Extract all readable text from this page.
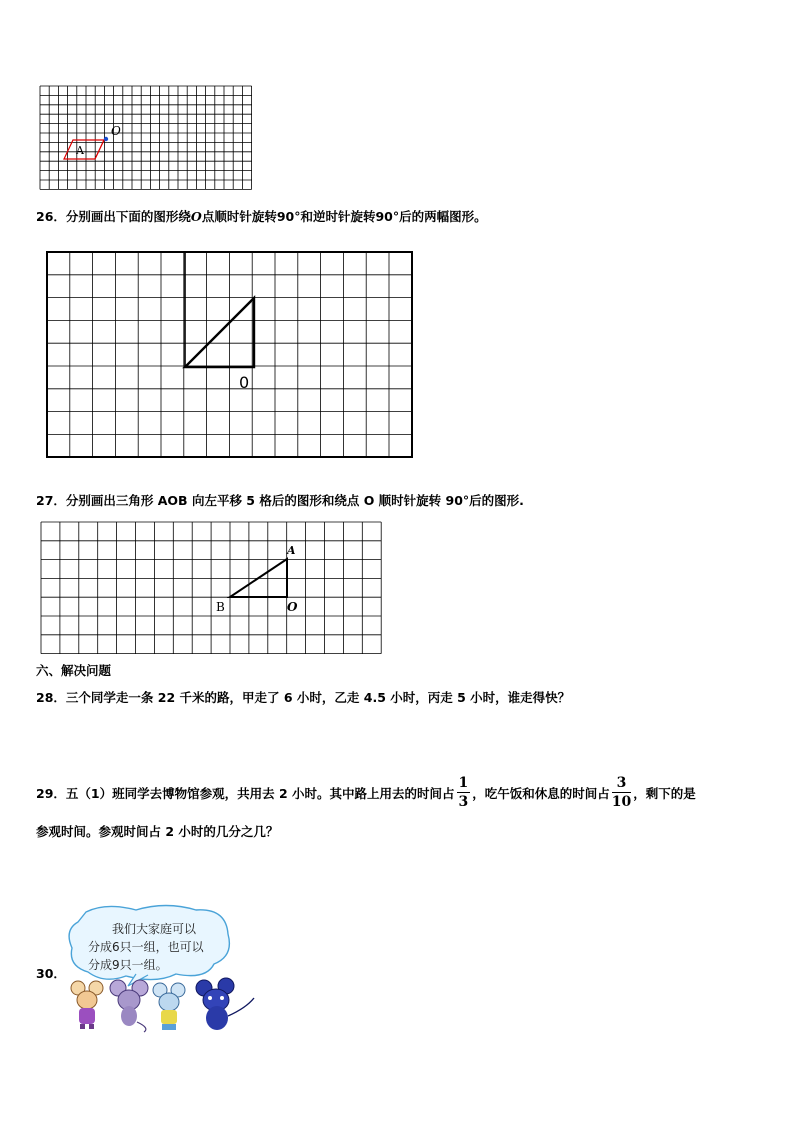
O
A
26．分别画出下面的图形绕O点顺时针旋转90°和逆时针旋转90°后的两幅图形。
0
27．分别画出三角形 AOB 向左平移 5 格后的图形和绕点 O 顺时针旋转 90°后的图形.
A
B	O
六、解决问题
28．三个同学走一条 22 千米的路，甲走了 6 小时，乙走 4.5 小时，丙走 5 小时，谁走得快？
29． 五（1）班同学去博物馆参观，共用去 2 小时。其中路上用去的时间占 $\frac{1}{3}$ ，吃午饭和休息的时间占 $\frac{3}{10}$ ，剩下的是
参观时间。参观时间占 2 小时的几分之几？
30．
我们大家庭可以
分成6只一组，也可以
分成9只一组。
